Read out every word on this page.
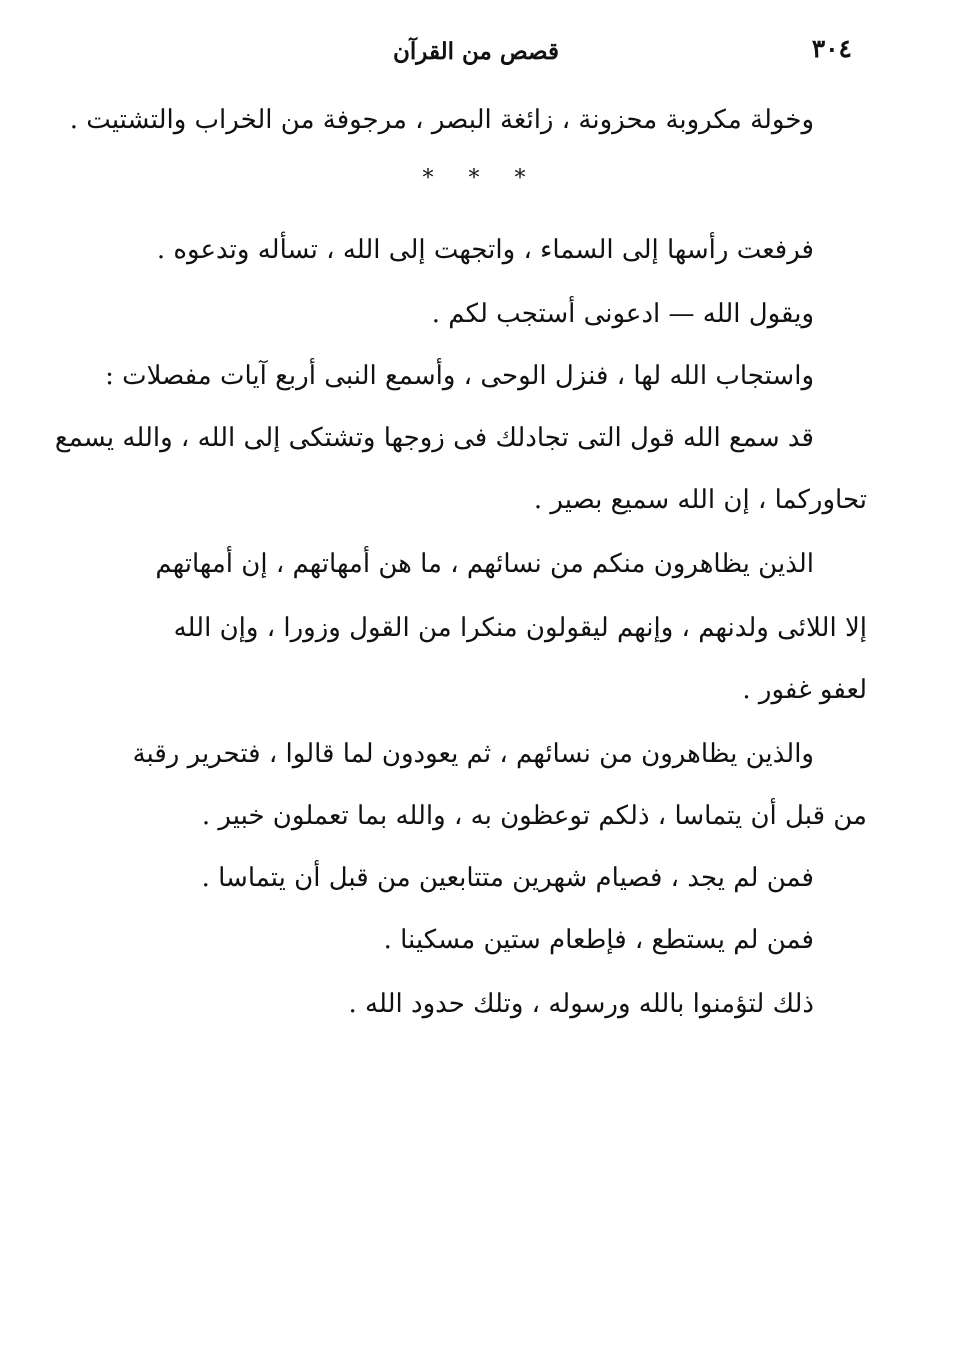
قصص من القرآن	٣٠٤
وخولة مكروبة محزونة ، زائغة البصر ، مرجوفة من الخراب والتشتيت .
* * *
فرفعت رأسها إلى السماء ، واتجهت إلى الله ، تسأله وتدعوه .
ويقول الله — ادعونى أستجب لكم .
واستجاب الله لها ، فنزل الوحى ، وأسمع النبى أربع آيات مفصلات :
قد سمع الله قول التى تجادلك فى زوجها وتشتكى إلى الله ، والله يسمع
تحاوركما ، إن الله سميع بصير .
الذين يظاهرون منكم من نسائهم ، ما هن أمهاتهم ، إن أمهاتهم
إلا اللائى ولدنهم ، وإنهم ليقولون منكرا من القول وزورا ، وإن الله
لعفو غفور .
والذين يظاهرون من نسائهم ، ثم يعودون لما قالوا ، فتحرير رقبة
من قبل أن يتماسا ، ذلكم توعظون به ، والله بما تعملون خبير .
فمن لم يجد ، فصيام شهرين متتابعين من قبل أن يتماسا .
فمن لم يستطع ، فإطعام ستين مسكينا .
ذلك لتؤمنوا بالله ورسوله ، وتلك حدود الله .
